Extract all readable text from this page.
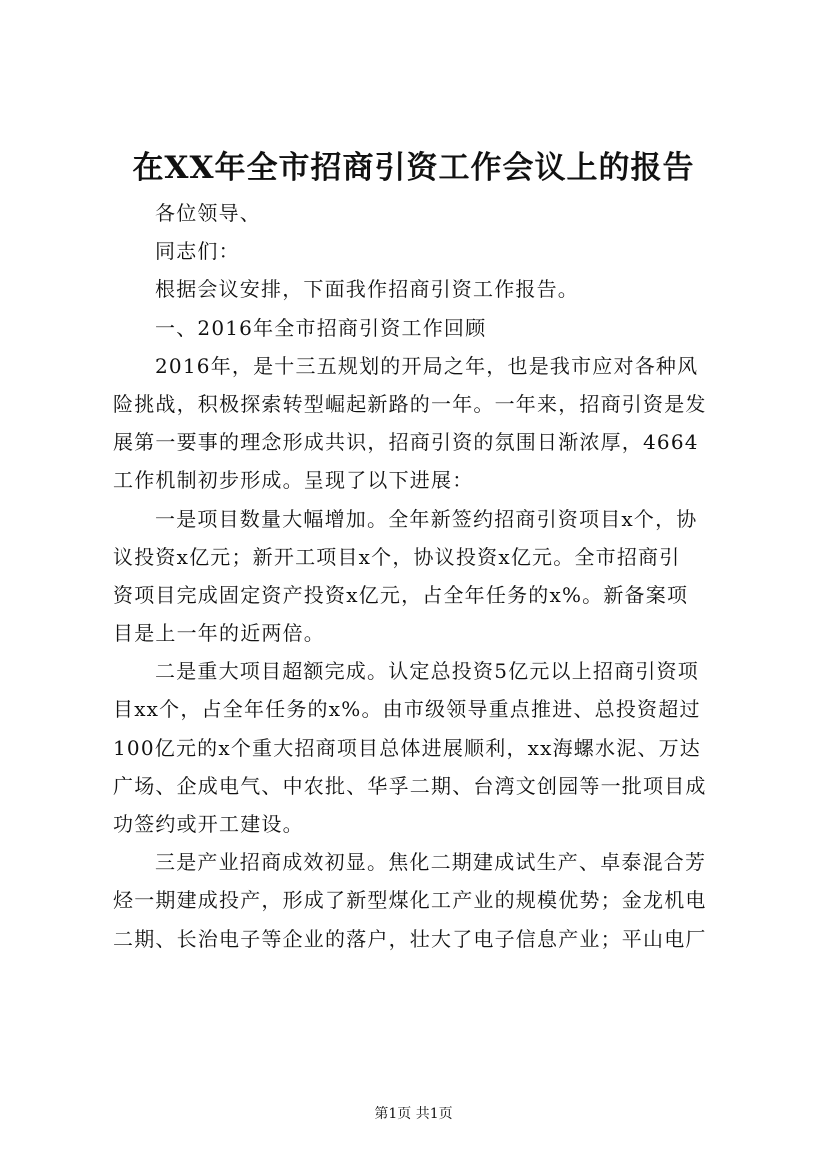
在XX年全市招商引资工作会议上的报告
各位领导、
同志们：
根据会议安排，下面我作招商引资工作报告。
一、2016年全市招商引资工作回顾
2016年，是十三五规划的开局之年，也是我市应对各种风
险挑战，积极探索转型崛起新路的一年。一年来，招商引资是发
展第一要事的理念形成共识，招商引资的氛围日渐浓厚，4664
工作机制初步形成。呈现了以下进展：
一是项目数量大幅增加。全年新签约招商引资项目x个，协
议投资x亿元；新开工项目x个，协议投资x亿元。全市招商引
资项目完成固定资产投资x亿元，占全年任务的x%。新备案项
目是上一年的近两倍。
二是重大项目超额完成。认定总投资5亿元以上招商引资项
目xx个，占全年任务的x%。由市级领导重点推进、总投资超过
100亿元的x个重大招商项目总体进展顺利，xx海螺水泥、万达
广场、企成电气、中农批、华孚二期、台湾文创园等一批项目成
功签约或开工建设。
三是产业招商成效初显。焦化二期建成试生产、卓泰混合芳
烃一期建成投产，形成了新型煤化工产业的规模优势；金龙机电
二期、长治电子等企业的落户，壮大了电子信息产业；平山电厂
第1页 共1页
